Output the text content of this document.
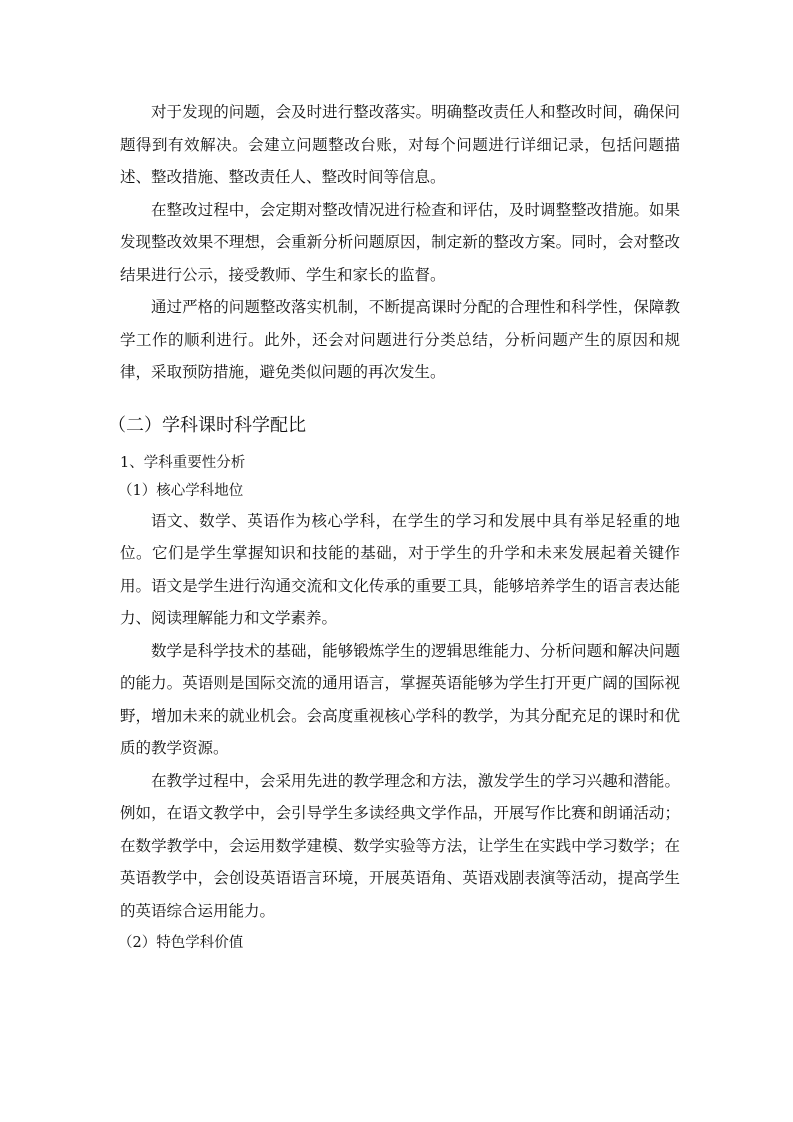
对于发现的问题，会及时进行整改落实。明确整改责任人和整改时间，确保问题得到有效解决。会建立问题整改台账，对每个问题进行详细记录，包括问题描述、整改措施、整改责任人、整改时间等信息。

在整改过程中，会定期对整改情况进行检查和评估，及时调整整改措施。如果发现整改效果不理想，会重新分析问题原因，制定新的整改方案。同时，会对整改结果进行公示，接受教师、学生和家长的监督。

通过严格的问题整改落实机制，不断提高课时分配的合理性和科学性，保障教学工作的顺利进行。此外，还会对问题进行分类总结，分析问题产生的原因和规律，采取预防措施，避免类似问题的再次发生。

（二）学科课时科学配比
1、学科重要性分析
（1）核心学科地位

语文、数学、英语作为核心学科，在学生的学习和发展中具有举足轻重的地位。它们是学生掌握知识和技能的基础，对于学生的升学和未来发展起着关键作用。语文是学生进行沟通交流和文化传承的重要工具，能够培养学生的语言表达能力、阅读理解能力和文学素养。

数学是科学技术的基础，能够锻炼学生的逻辑思维能力、分析问题和解决问题的能力。英语则是国际交流的通用语言，掌握英语能够为学生打开更广阔的国际视野，增加未来的就业机会。会高度重视核心学科的教学，为其分配充足的课时和优质的教学资源。

在教学过程中，会采用先进的教学理念和方法，激发学生的学习兴趣和潜能。例如，在语文教学中，会引导学生多读经典文学作品，开展写作比赛和朗诵活动；在数学教学中，会运用数学建模、数学实验等方法，让学生在实践中学习数学；在英语教学中，会创设英语语言环境，开展英语角、英语戏剧表演等活动，提高学生的英语综合运用能力。

（2）特色学科价值
